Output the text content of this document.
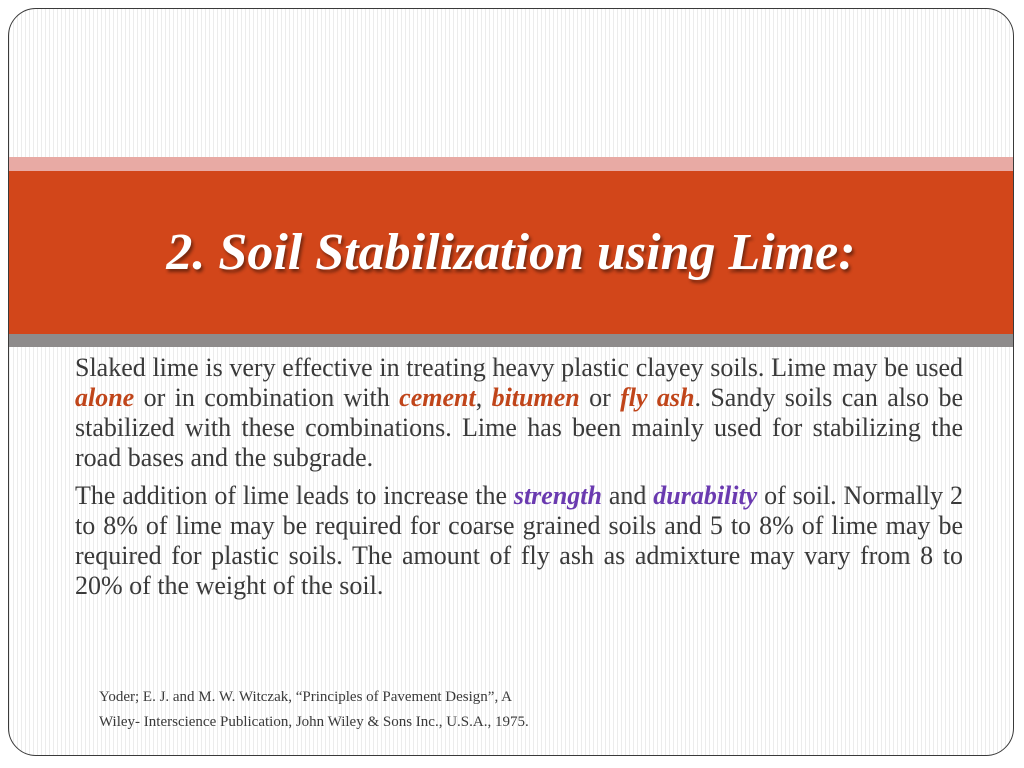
2. Soil Stabilization using Lime:

Slaked lime is very effective in treating heavy plastic clayey soils. Lime may be used alone or in combination with cement, bitumen or fly ash. Sandy soils can also be stabilized with these combinations. Lime has been mainly used for stabilizing the road bases and the subgrade.

The addition of lime leads to increase the strength and durability of soil. Normally 2 to 8% of lime may be required for coarse grained soils and 5 to 8% of lime may be required for plastic soils. The amount of fly ash as admixture may vary from 8 to 20% of the weight of the soil.

Yoder; E. J. and M. W. Witczak, “Principles of Pavement Design”, A
Wiley- Interscience Publication, John Wiley & Sons Inc., U.S.A., 1975.
